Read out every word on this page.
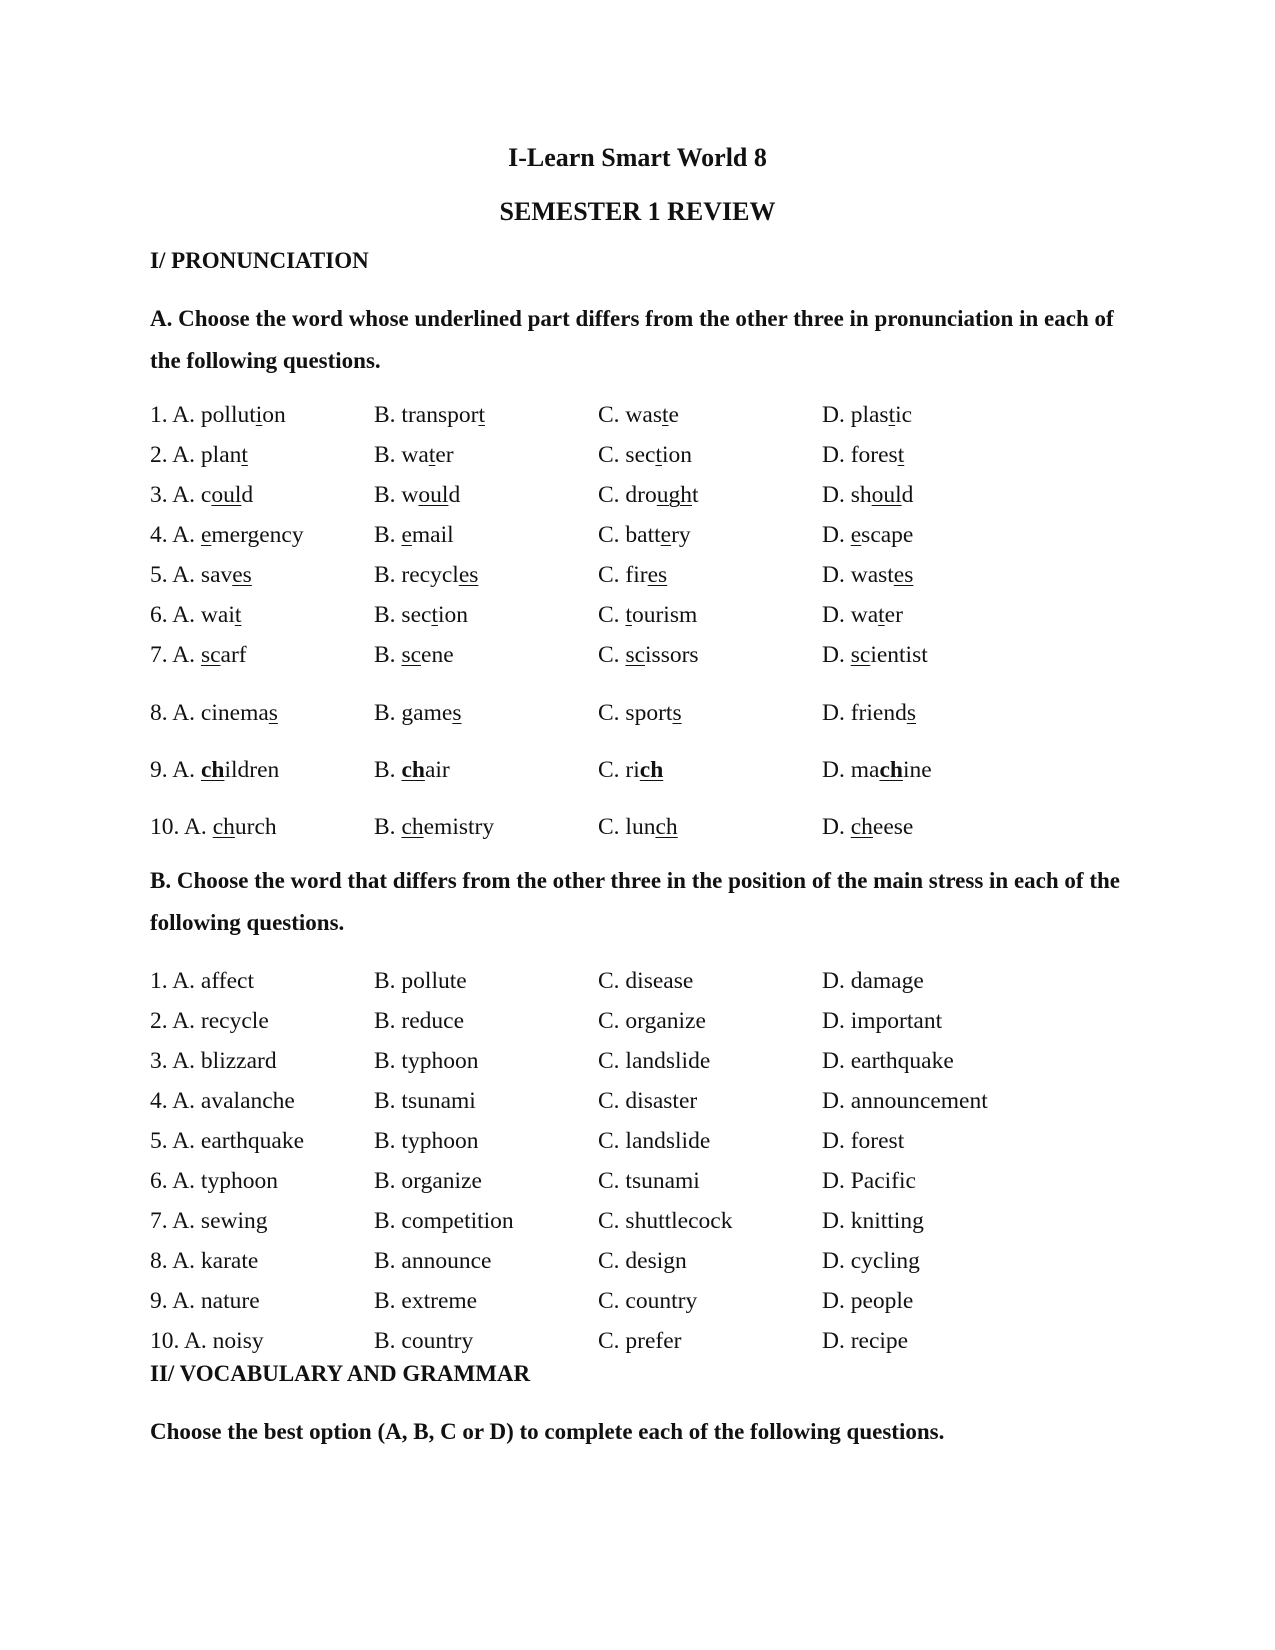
I-Learn Smart World 8
SEMESTER 1 REVIEW
I/ PRONUNCIATION
A. Choose the word whose underlined part differs from the other three in pronunciation in each of the following questions.
1. A. pollution	B. transport	C. waste	D. plastic
2. A. plant	B. water	C. section	D. forest
3. A. could	B. would	C. drought	D. should
4. A. emergency	B. email	C. battery	D. escape
5. A. saves	B. recycles	C. fires	D. wastes
6. A. wait	B. section	C. tourism	D. water
7. A. scarf	B. scene	C. scissors	D. scientist
8. A. cinemas	B. games	C. sports	D. friends
9. A. children	B. chair	C. rich	D. machine
10. A. church	B. chemistry	C. lunch	D. cheese
B. Choose the word that differs from the other three in the position of the main stress in each of the following questions.
1. A. affect	B. pollute	C. disease	D. damage
2. A. recycle	B. reduce	C. organize	D. important
3. A. blizzard	B. typhoon	C. landslide	D. earthquake
4. A. avalanche	B. tsunami	C. disaster	D. announcement
5. A. earthquake	B. typhoon	C. landslide	D. forest
6. A. typhoon	B. organize	C. tsunami	D. Pacific
7. A. sewing	B. competition	C. shuttlecock	D. knitting
8. A. karate	B. announce	C. design	D. cycling
9. A. nature	B. extreme	C. country	D. people
10. A. noisy	B. country	C. prefer	D. recipe
II/ VOCABULARY AND GRAMMAR
Choose the best option (A, B, C or D) to complete each of the following questions.
